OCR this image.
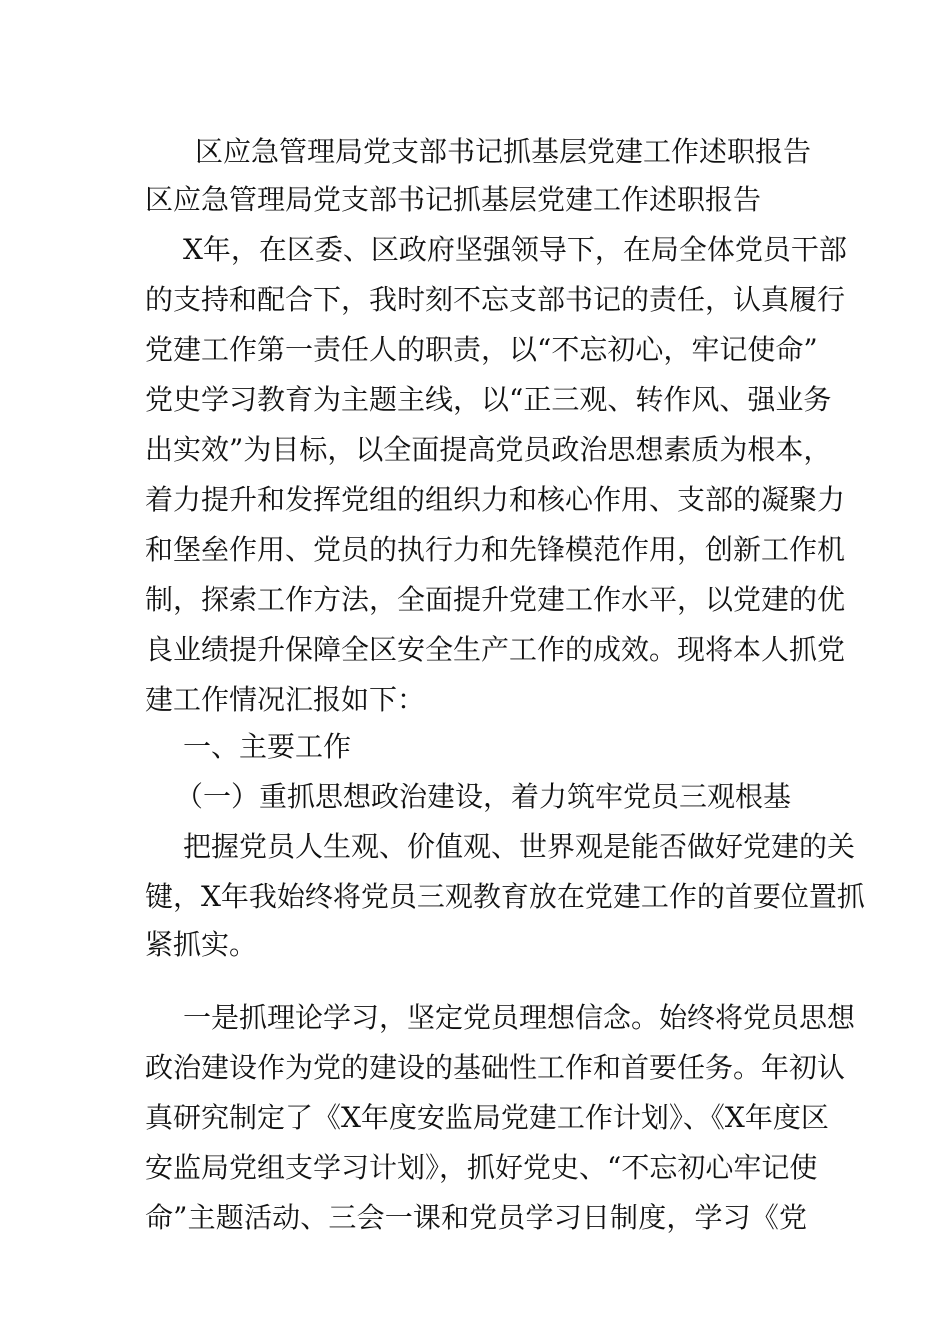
区应急管理局党支部书记抓基层党建工作述职报告
区应急管理局党支部书记抓基层党建工作述职报告
X年，在区委、区政府坚强领导下，在局全体党员干部
的支持和配合下，我时刻不忘支部书记的责任，认真履行
党建工作第一责任人的职责，以“不忘初心，牢记使命”
党史学习教育为主题主线，以“正三观、转作风、强业务
出实效”为目标，以全面提高党员政治思想素质为根本，
着力提升和发挥党组的组织力和核心作用、支部的凝聚力
和堡垒作用、党员的执行力和先锋模范作用，创新工作机
制，探索工作方法，全面提升党建工作水平，以党建的优
良业绩提升保障全区安全生产工作的成效。现将本人抓党
建工作情况汇报如下：
一、主要工作
（一）重抓思想政治建设，着力筑牢党员三观根基
把握党员人生观、价值观、世界观是能否做好党建的关
键，X年我始终将党员三观教育放在党建工作的首要位置抓
紧抓实。
一是抓理论学习，坚定党员理想信念。始终将党员思想
政治建设作为党的建设的基础性工作和首要任务。年初认
真研究制定了《X年度安监局党建工作计划》、《X年度区
安监局党组支学习计划》，抓好党史、“不忘初心牢记使
命”主题活动、三会一课和党员学习日制度，学习《党
